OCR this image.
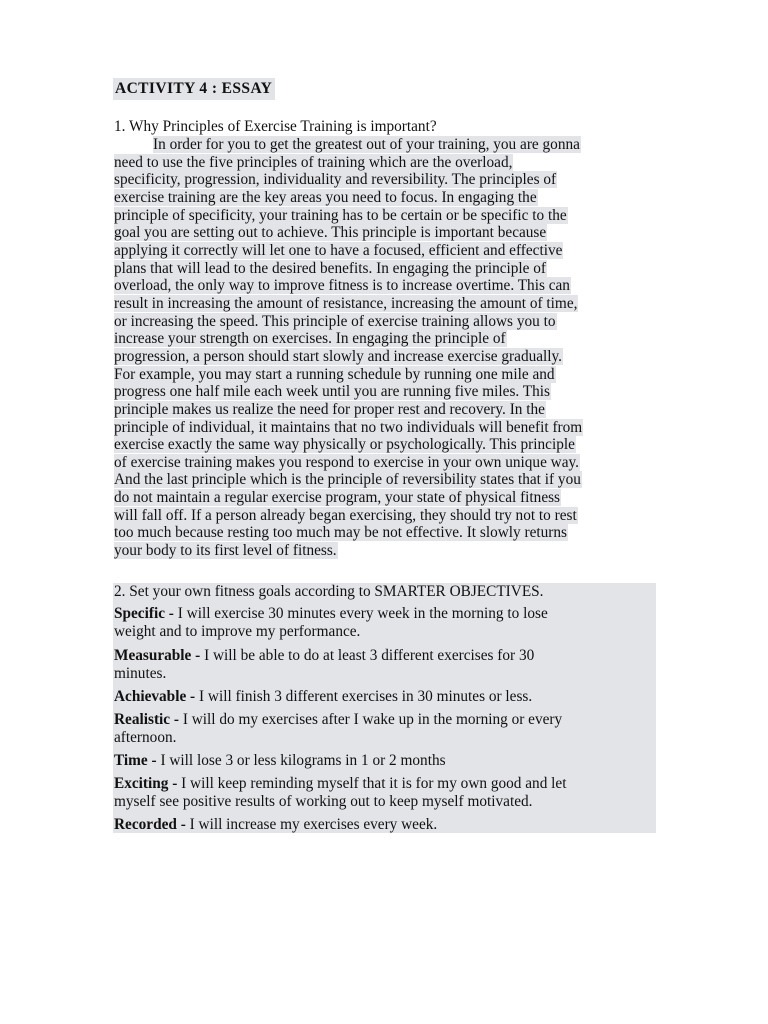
ACTIVITY 4 : ESSAY
1. Why Principles of Exercise Training is important?
In order for you to get the greatest out of your training, you are gonna
need to use the five principles of training which are the overload,
specificity, progression, individuality and reversibility. The principles of
exercise training are the key areas you need to focus. In engaging the
principle of specificity, your training has to be certain or be specific to the
goal you are setting out to achieve. This principle is important because
applying it correctly will let one to have a focused, efficient and effective
plans that will lead to the desired benefits. In engaging the principle of
overload, the only way to improve fitness is to increase overtime. This can
result in increasing the amount of resistance, increasing the amount of time,
or increasing the speed. This principle of exercise training allows you to
increase your strength on exercises. In engaging the principle of
progression, a person should start slowly and increase exercise gradually.
For example, you may start a running schedule by running one mile and
progress one half mile each week until you are running five miles. This
principle makes us realize the need for proper rest and recovery. In the
principle of individual, it maintains that no two individuals will benefit from
exercise exactly the same way physically or psychologically. This principle
of exercise training makes you respond to exercise in your own unique way.
And the last principle which is the principle of reversibility states that if you
do not maintain a regular exercise program, your state of physical fitness
will fall off. If a person already began exercising, they should try not to rest
too much because resting too much may be not effective. It slowly returns
your body to its first level of fitness.
2. Set your own fitness goals according to SMARTER OBJECTIVES.
Specific - I will exercise 30 minutes every week in the morning to lose
weight and to improve my performance.
Measurable - I will be able to do at least 3 different exercises for 30
minutes.
Achievable - I will finish 3 different exercises in 30 minutes or less.
Realistic - I will do my exercises after I wake up in the morning or every
afternoon.
Time - I will lose 3 or less kilograms in 1 or 2 months
Exciting - I will keep reminding myself that it is for my own good and let
myself see positive results of working out to keep myself motivated.
Recorded - I will increase my exercises every week.
